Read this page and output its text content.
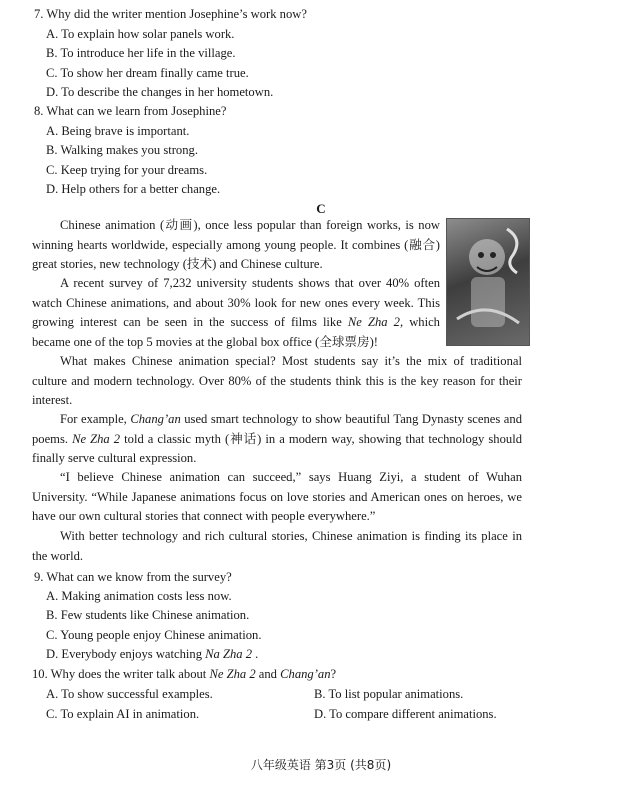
7. Why did the writer mention Josephine’s work now?
A. To explain how solar panels work.
B. To introduce her life in the village.
C. To show her dream finally came true.
D. To describe the changes in her hometown.
8. What can we learn from Josephine?
A. Being brave is important.
B. Walking makes you strong.
C. Keep trying for your dreams.
D. Help others for a better change.
C
Chinese animation (动画), once less popular than foreign works, is now winning hearts worldwide, especially among young people. It combines (融合) great stories, new technology (技术) and Chinese culture.
A recent survey of 7,232 university students shows that over 40% often watch Chinese animations, and about 30% look for new ones every week. This growing interest can be seen in the success of films like Ne Zha 2, which became one of the top 5 movies at the global box office (全球票房)!
What makes Chinese animation special? Most students say it’s the mix of traditional culture and modern technology. Over 80% of the students think this is the key reason for their interest.
For example, Chang’an used smart technology to show beautiful Tang Dynasty scenes and poems. Ne Zha 2 told a classic myth (神话) in a modern way, showing that technology should finally serve cultural expression.
“I believe Chinese animation can succeed,” says Huang Ziyi, a student of Wuhan University. “While Japanese animations focus on love stories and American ones on heroes, we have our own cultural stories that connect with people everywhere.”
With better technology and rich cultural stories, Chinese animation is finding its place in the world.
9. What can we know from the survey?
A. Making animation costs less now.
B. Few students like Chinese animation.
C. Young people enjoy Chinese animation.
D. Everybody enjoys watching Na Zha 2 .
10. Why does the writer talk about Ne Zha 2 and Chang’an?
A. To show successful examples.	B. To list popular animations.
C. To explain AI in animation.	D. To compare different animations.
八年级英语 第3页 (共8页)
